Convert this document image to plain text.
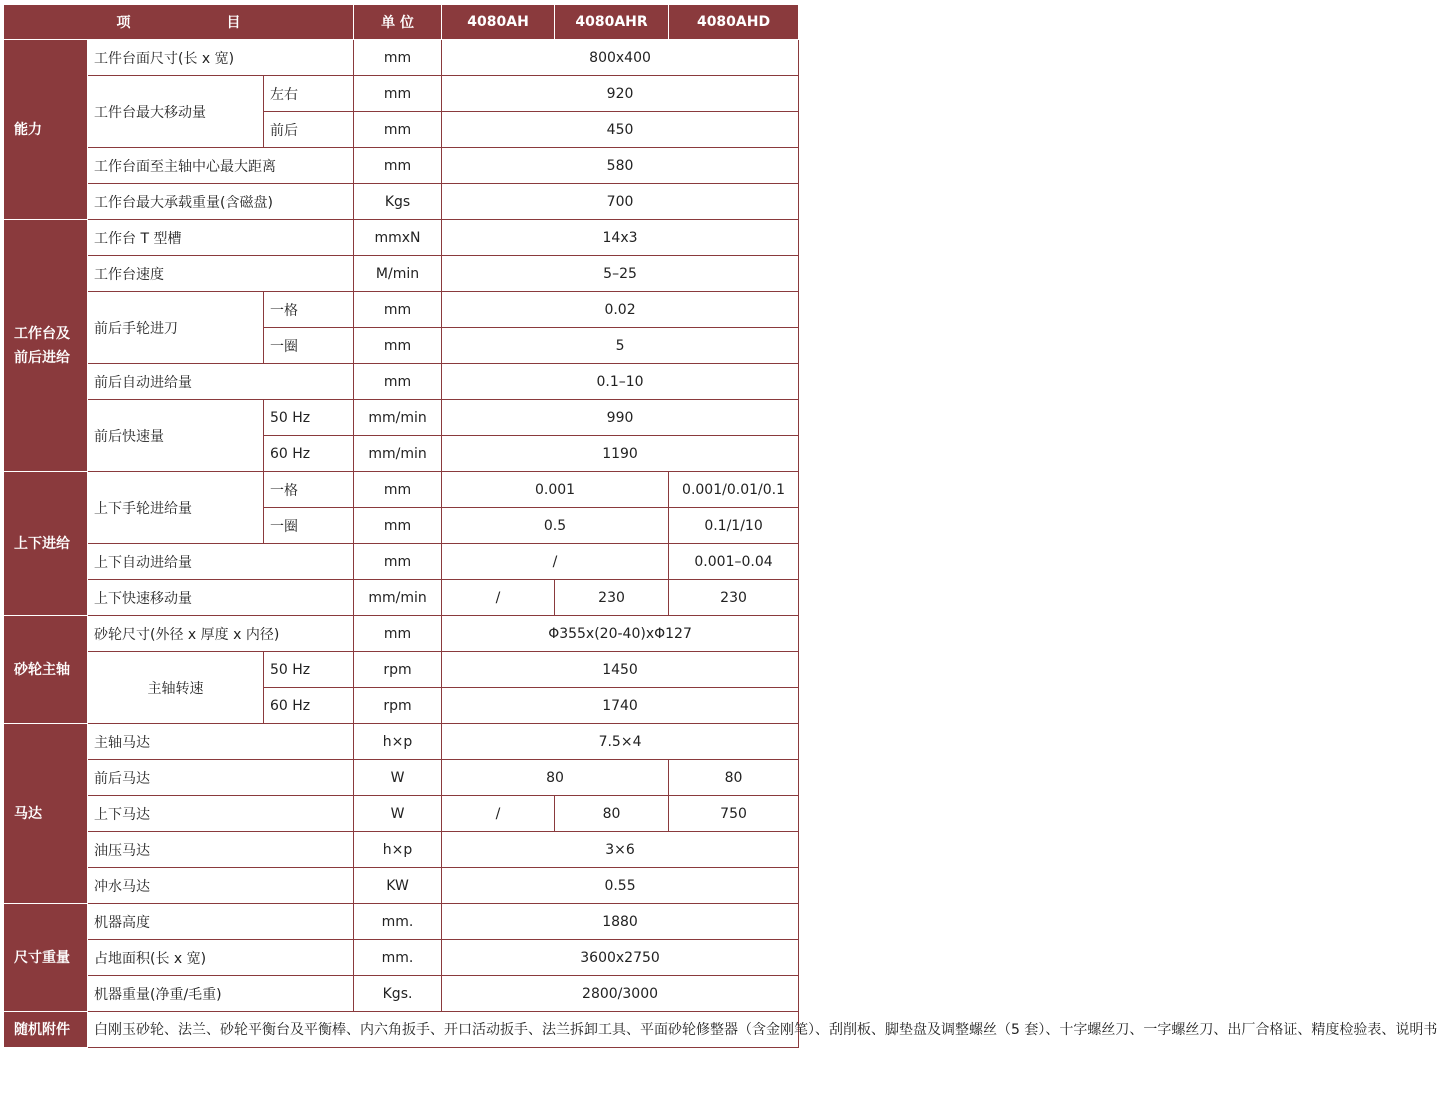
项 目			单 位	4080AH	4080AHR	4080AHD
能力	工件台面尺寸(长 x 宽)		mm	800x400		
	工件台最大移动量	左右	mm	920		
		前后	mm	450		
	工作台面至主轴中心最大距离		mm	580		
	工作台最大承载重量(含磁盘)		Kgs	700		
工作台及前后进给	工作台 T 型槽		mmxN	14x3		
	工作台速度		M/min	5–25		
	前后手轮进刀	一格	mm	0.02		
		一圈	mm	5		
	前后自动进给量		mm	0.1–10		
	前后快速量	50 Hz	mm/min	990		
		60 Hz	mm/min	1190		
上下进给	上下手轮进给量	一格	mm	0.001		0.001/0.01/0.1
		一圈	mm	0.5		0.1/1/10
	上下自动进给量		mm	/		0.001–0.04
	上下快速移动量		mm/min	/	230	230
砂轮主轴	砂轮尺寸(外径 x 厚度 x 内径)		mm	Φ355x(20-40)xΦ127		
	主轴转速	50 Hz	rpm	1450		
		60 Hz	rpm	1740		
马达	主轴马达		h×p	7.5×4		
	前后马达		W	80		80
	上下马达		W	/	80	750
	油压马达		h×p	3×6		
	冲水马达		KW	0.55		
尺寸重量	机器高度		mm.	1880		
	占地面积(长 x 宽)		mm.	3600x2750		
	机器重量(净重/毛重)		Kgs.	2800/3000		
随机附件	白刚玉砂轮、法兰、砂轮平衡台及平衡棒、内六角扳手、开口活动扳手、法兰拆卸工具、平面砂轮修整器（含金刚笔）、刮削板、脚垫盘及调整螺丝（5 套）、十字螺丝刀、一字螺丝刀、出厂合格证、精度检验表、说明书					
